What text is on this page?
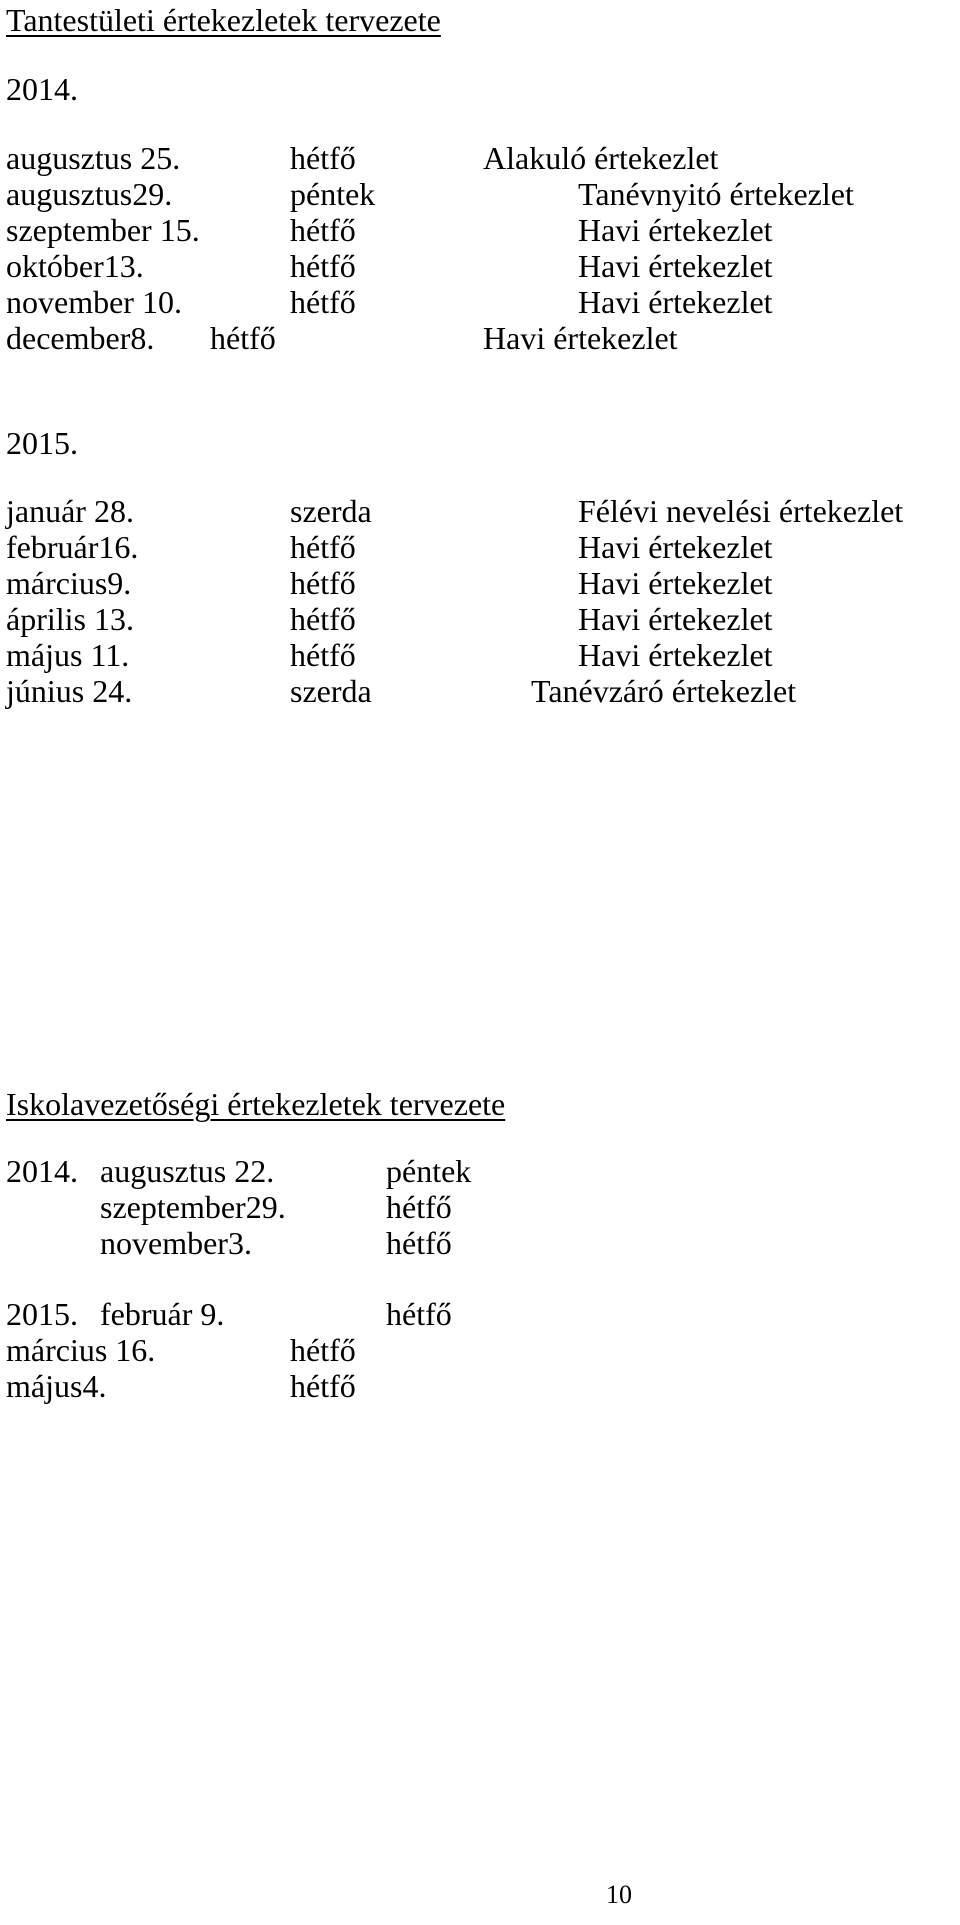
Tantestületi értekezletek tervezete
2014.
augusztus 25.	hétfő	Alakuló értekezlet
augusztus29.	péntek	Tanévnyitó értekezlet
szeptember 15.	hétfő	Havi értekezlet
október13.	hétfő	Havi értekezlet
november 10.	hétfő	Havi értekezlet
december8. hétfő	Havi értekezlet
2015.
január 28.	szerda	Félévi nevelési értekezlet
február16.	hétfő	Havi értekezlet
március9.	hétfő	Havi értekezlet
április 13.	hétfő	Havi értekezlet
május 11.	hétfő	Havi értekezlet
június 24.	szerda	Tanévzáró értekezlet
Iskolavezetőségi értekezletek tervezete
2014. augusztus 22.	péntek
szeptember29.	hétfő
november3.	hétfő
2015. február 9.	hétfő
március 16.	hétfő
május4.	hétfő
10
